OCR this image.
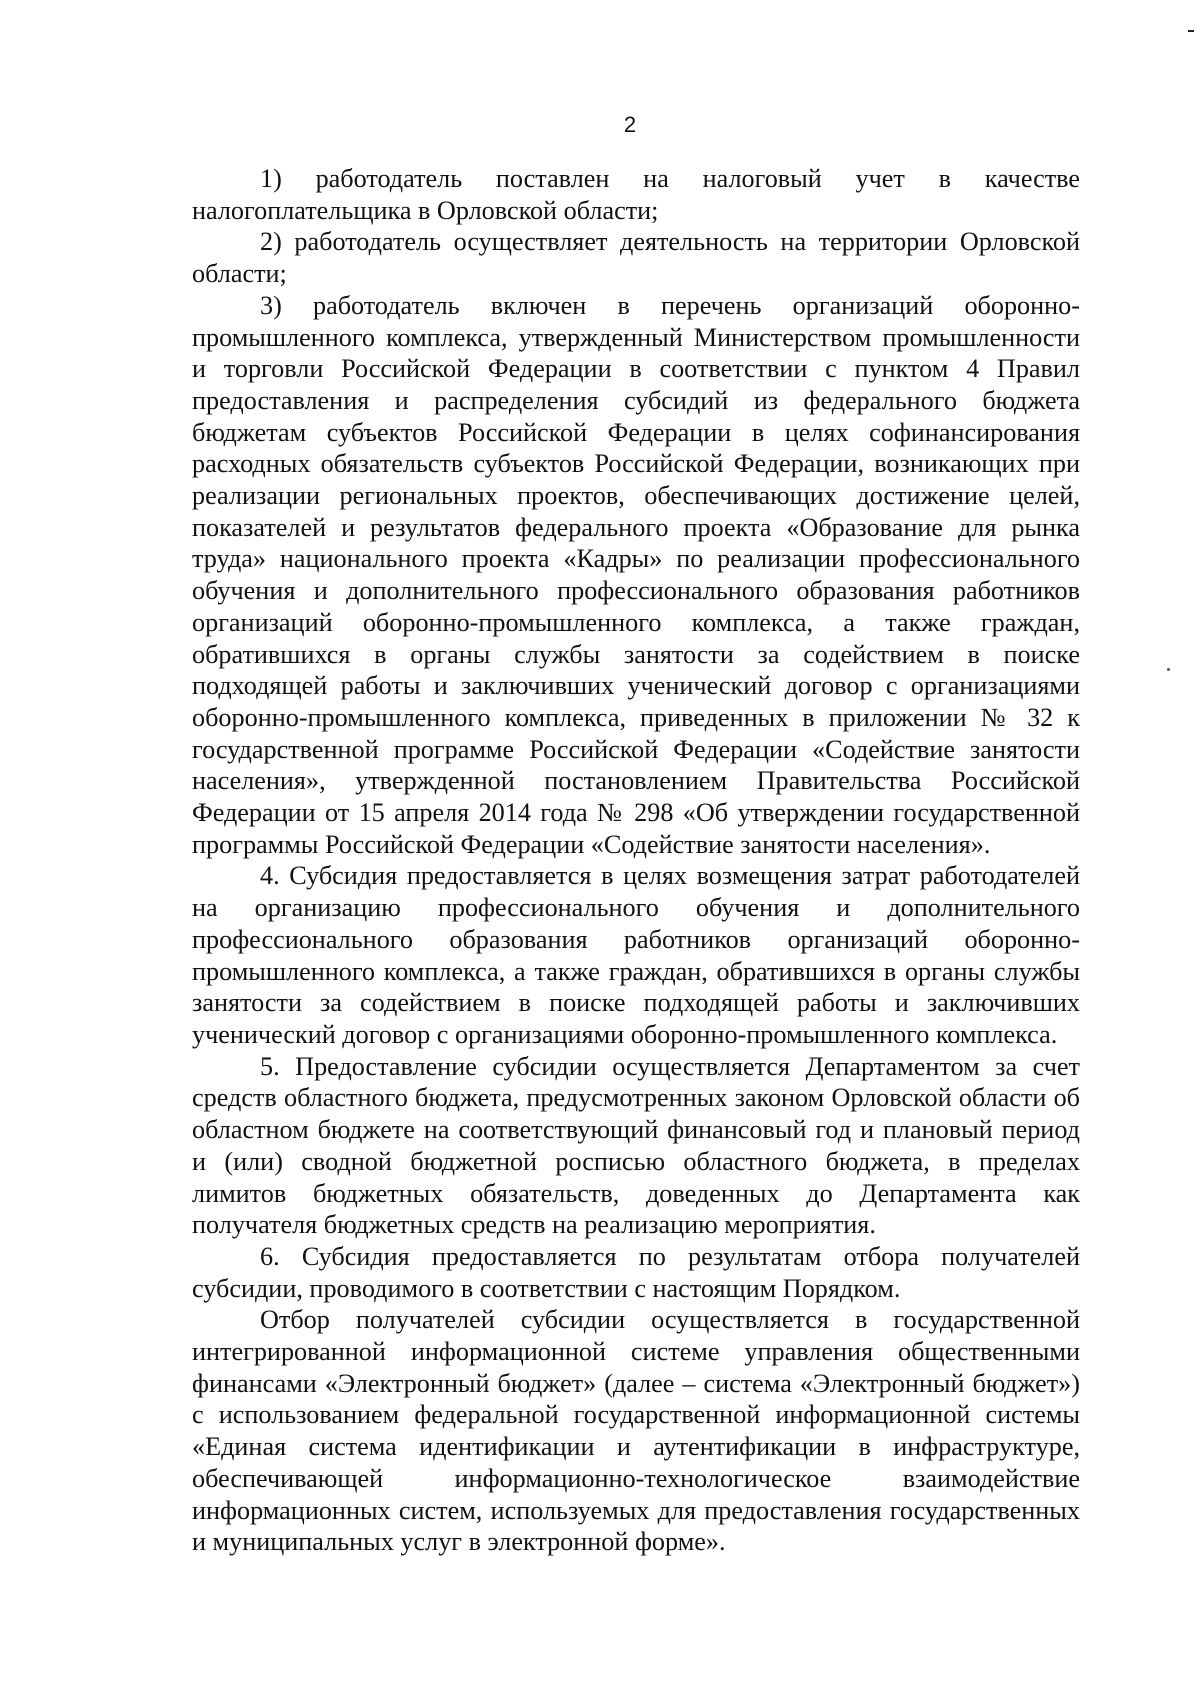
2

1) работодатель поставлен на налоговый учет в качестве налогоплательщика в Орловской области;

2) работодатель осуществляет деятельность на территории Орловской области;

3) работодатель включен в перечень организаций оборонно-промышленного комплекса, утвержденный Министерством промышленности и торговли Российской Федерации в соответствии с пунктом 4 Правил предоставления и распределения субсидий из федерального бюджета бюджетам субъектов Российской Федерации в целях софинансирования расходных обязательств субъектов Российской Федерации, возникающих при реализации региональных проектов, обеспечивающих достижение целей, показателей и результатов федерального проекта «Образование для рынка труда» национального проекта «Кадры» по реализации профессионального обучения и дополнительного профессионального образования работников организаций оборонно-промышленного комплекса, а также граждан, обратившихся в органы службы занятости за содействием в поиске подходящей работы и заключивших ученический договор с организациями оборонно-промышленного комплекса, приведенных в приложении № 32 к государственной программе Российской Федерации «Содействие занятости населения», утвержденной постановлением Правительства Российской Федерации от 15 апреля 2014 года № 298 «Об утверждении государственной программы Российской Федерации «Содействие занятости населения».

4. Субсидия предоставляется в целях возмещения затрат работодателей на организацию профессионального обучения и дополнительного профессионального образования работников организаций оборонно-промышленного комплекса, а также граждан, обратившихся в органы службы занятости за содействием в поиске подходящей работы и заключивших ученический договор с организациями оборонно-промышленного комплекса.

5. Предоставление субсидии осуществляется Департаментом за счет средств областного бюджета, предусмотренных законом Орловской области об областном бюджете на соответствующий финансовый год и плановый период и (или) сводной бюджетной росписью областного бюджета, в пределах лимитов бюджетных обязательств, доведенных до Департамента как получателя бюджетных средств на реализацию мероприятия.

6. Субсидия предоставляется по результатам отбора получателей субсидии, проводимого в соответствии с настоящим Порядком.

Отбор получателей субсидии осуществляется в государственной интегрированной информационной системе управления общественными финансами «Электронный бюджет» (далее – система «Электронный бюджет») с использованием федеральной государственной информационной системы «Единая система идентификации и аутентификации в инфраструктуре, обеспечивающей информационно-технологическое взаимодействие информационных систем, используемых для предоставления государственных и муниципальных услуг в электронной форме».
